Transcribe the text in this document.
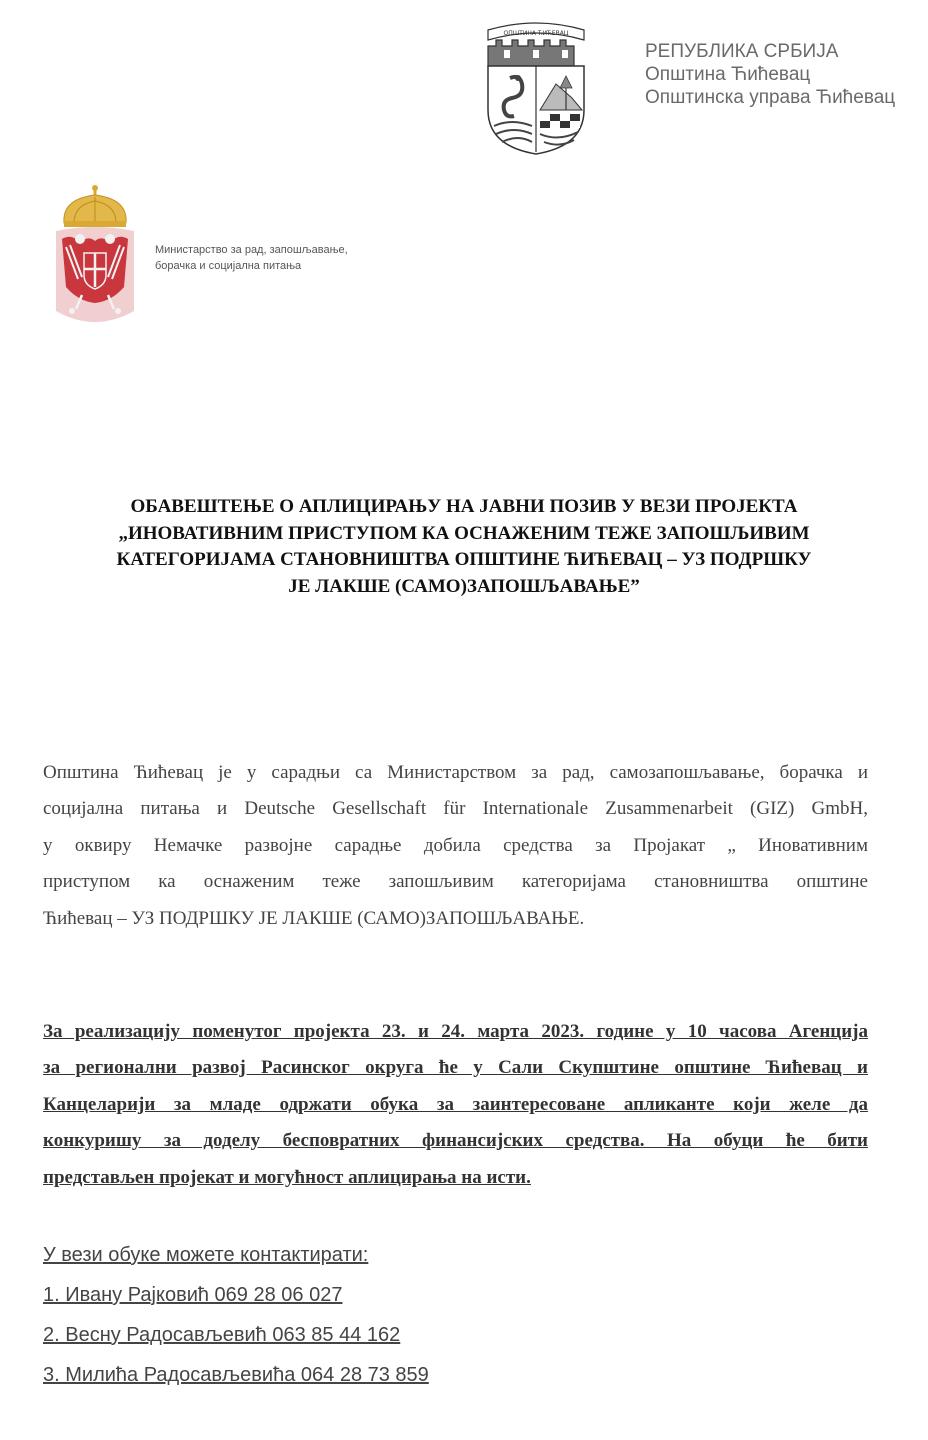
ОПШТИНА ЋИЋЕВАЦ
РЕПУБЛИКА СРБИЈА
Општина Ћићевац
Општинска управа Ћићевац
Министарство за рад, запошљавање,
борачка и социјална питања
ОБАВЕШТЕЊЕ О АПЛИЦИРАЊУ НА ЈАВНИ ПОЗИВ У ВЕЗИ ПРОЈЕКТА
„ИНОВАТИВНИМ ПРИСТУПОМ КА ОСНАЖЕНИМ ТЕЖЕ ЗАПОШЉИВИМ
КАТЕГОРИЈАМА СТАНОВНИШТВА ОПШТИНЕ ЋИЋЕВАЦ – УЗ ПОДРШКУ
ЈЕ ЛАКШЕ (САМО)ЗАПОШЉАВАЊЕ”
Општина Ћићевац је у сарадњи са Министарством за рад, самозапошљавање, борачка и
социјална питања и Deutsche Gesellschaft für Internationale Zusammenarbeit (GIZ) GmbH,
у оквиру Немачке развојне сарадње добила средства за Пројакат „ Иновативним
приступом ка оснаженим теже запошљивим категоријама становништва општине
Ћићевац – УЗ ПОДРШКУ ЈЕ ЛАКШЕ (САМО)ЗАПОШЉАВАЊЕ.
За реализацију поменутог пројекта 23. и 24. марта 2023. године у 10 часова Агенција
за регионални развој Расинског округа ће у Сали Скупштине општине Ћићевац и
Канцеларији за младе одржати обука за заинтересоване апликанте који желе да
конкуришу за доделу бесповратних финансијских средства. На обуци ће бити
представљен пројекат и могућност аплицирања на исти.
У вези обуке можете контактирати:
1. Ивану Рајковић 069 28 06 027
2. Весну Радосављевић 063 85 44 162
3. Милића Радосављевића 064 28 73 859
